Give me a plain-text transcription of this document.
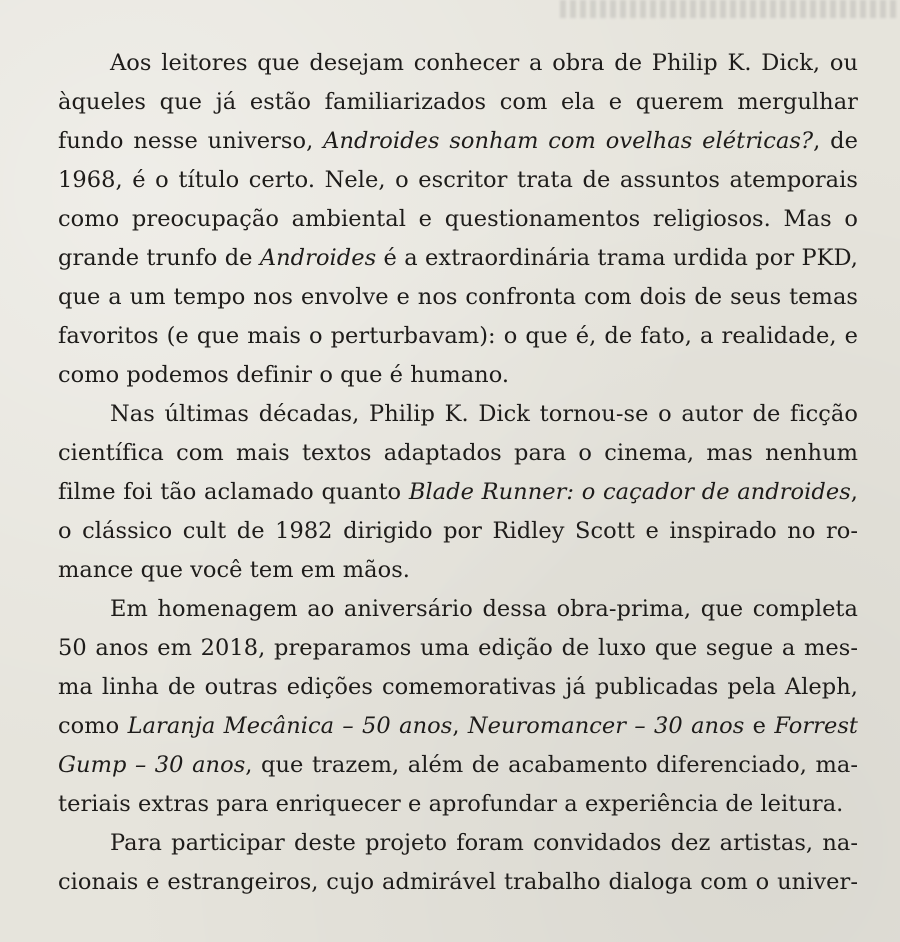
Aos leitores que desejam conhecer a obra de Philip K. Dick, ou
àqueles que já estão familiarizados com ela e querem mergulhar
fundo nesse universo, Androides sonham com ovelhas elétricas?, de
1968, é o título certo. Nele, o escritor trata de assuntos atemporais
como preocupação ambiental e questionamentos religiosos. Mas o
grande trunfo de Androides é a extraordinária trama urdida por PKD,
que a um tempo nos envolve e nos confronta com dois de seus temas
favoritos (e que mais o perturbavam): o que é, de fato, a realidade, e
como podemos definir o que é humano.

Nas últimas décadas, Philip K. Dick tornou-se o autor de ficção
científica com mais textos adaptados para o cinema, mas nenhum
filme foi tão aclamado quanto Blade Runner: o caçador de androides,
o clássico cult de 1982 dirigido por Ridley Scott e inspirado no ro-
mance que você tem em mãos.

Em homenagem ao aniversário dessa obra-prima, que completa
50 anos em 2018, preparamos uma edição de luxo que segue a mes-
ma linha de outras edições comemorativas já publicadas pela Aleph,
como Laranja Mecânica – 50 anos, Neuromancer – 30 anos e Forrest
Gump – 30 anos, que trazem, além de acabamento diferenciado, ma-
teriais extras para enriquecer e aprofundar a experiência de leitura.

Para participar deste projeto foram convidados dez artistas, na-
cionais e estrangeiros, cujo admirável trabalho dialoga com o univer-
